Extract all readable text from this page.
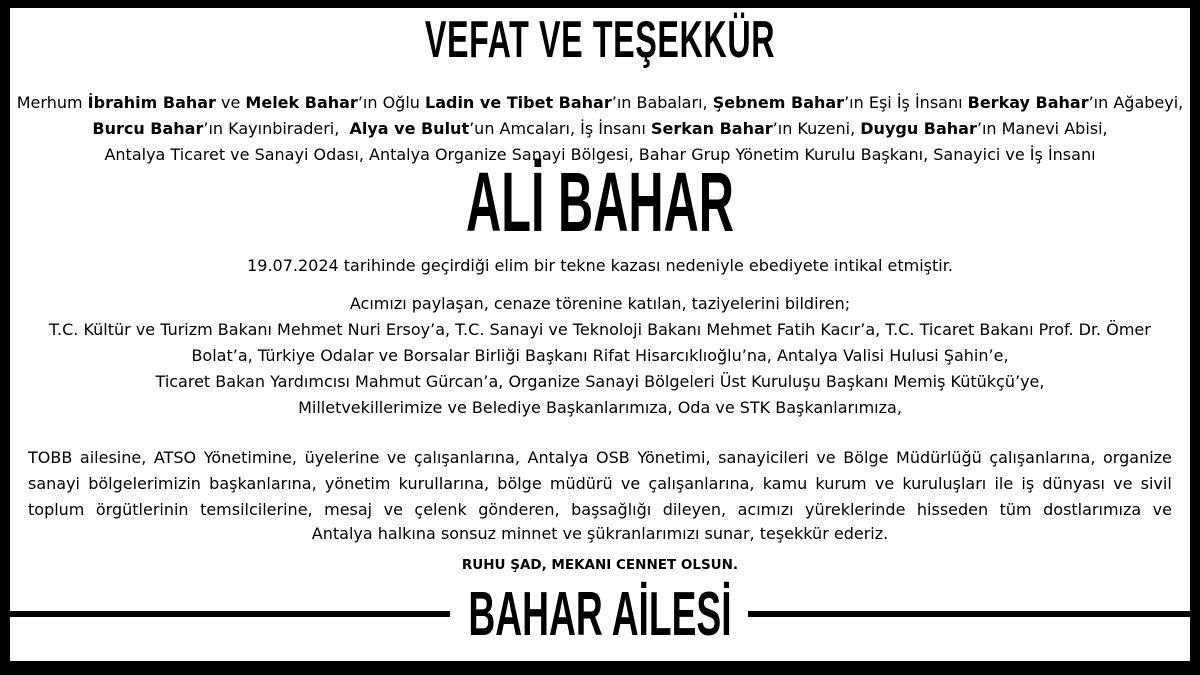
VEFAT VE TEŞEKKÜR
Merhum İbrahim Bahar ve Melek Bahar’ın Oğlu Ladin ve Tibet Bahar’ın Babaları, Şebnem Bahar’ın Eşi İş İnsanı Berkay Bahar’ın Ağabeyi,
Burcu Bahar’ın Kayınbiraderi,  Alya ve Bulut’un Amcaları, İş İnsanı Serkan Bahar’ın Kuzeni, Duygu Bahar’ın Manevi Abisi,
Antalya Ticaret ve Sanayi Odası, Antalya Organize Sanayi Bölgesi, Bahar Grup Yönetim Kurulu Başkanı, Sanayici ve İş İnsanı
ALİ BAHAR
19.07.2024 tarihinde geçirdiği elim bir tekne kazası nedeniyle ebediyete intikal etmiştir.
Acımızı paylaşan, cenaze törenine katılan, taziyelerini bildiren;
T.C. Kültür ve Turizm Bakanı Mehmet Nuri Ersoy’a, T.C. Sanayi ve Teknoloji Bakanı Mehmet Fatih Kacır’a, T.C. Ticaret Bakanı Prof. Dr. Ömer
Bolat’a, Türkiye Odalar ve Borsalar Birliği Başkanı Rifat Hisarcıklıoğlu’na, Antalya Valisi Hulusi Şahin’e,
Ticaret Bakan Yardımcısı Mahmut Gürcan’a, Organize Sanayi Bölgeleri Üst Kuruluşu Başkanı Memiş Kütükçü’ye,
Milletvekillerimize ve Belediye Başkanlarımıza, Oda ve STK Başkanlarımıza,
TOBB ailesine, ATSO Yönetimine, üyelerine ve çalışanlarına, Antalya OSB Yönetimi, sanayicileri ve Bölge Müdürlüğü çalışanlarına, organize
sanayi bölgelerimizin başkanlarına, yönetim kurullarına, bölge müdürü ve çalışanlarına, kamu kurum ve kuruluşları ile iş dünyası ve sivil
toplum örgütlerinin temsilcilerine, mesaj ve çelenk gönderen, başsağlığı dileyen, acımızı yüreklerinde hisseden tüm dostlarımıza ve
Antalya halkına sonsuz minnet ve şükranlarımızı sunar, teşekkür ederiz.
RUHU ŞAD, MEKANI CENNET OLSUN.
BAHAR AİLESİ
